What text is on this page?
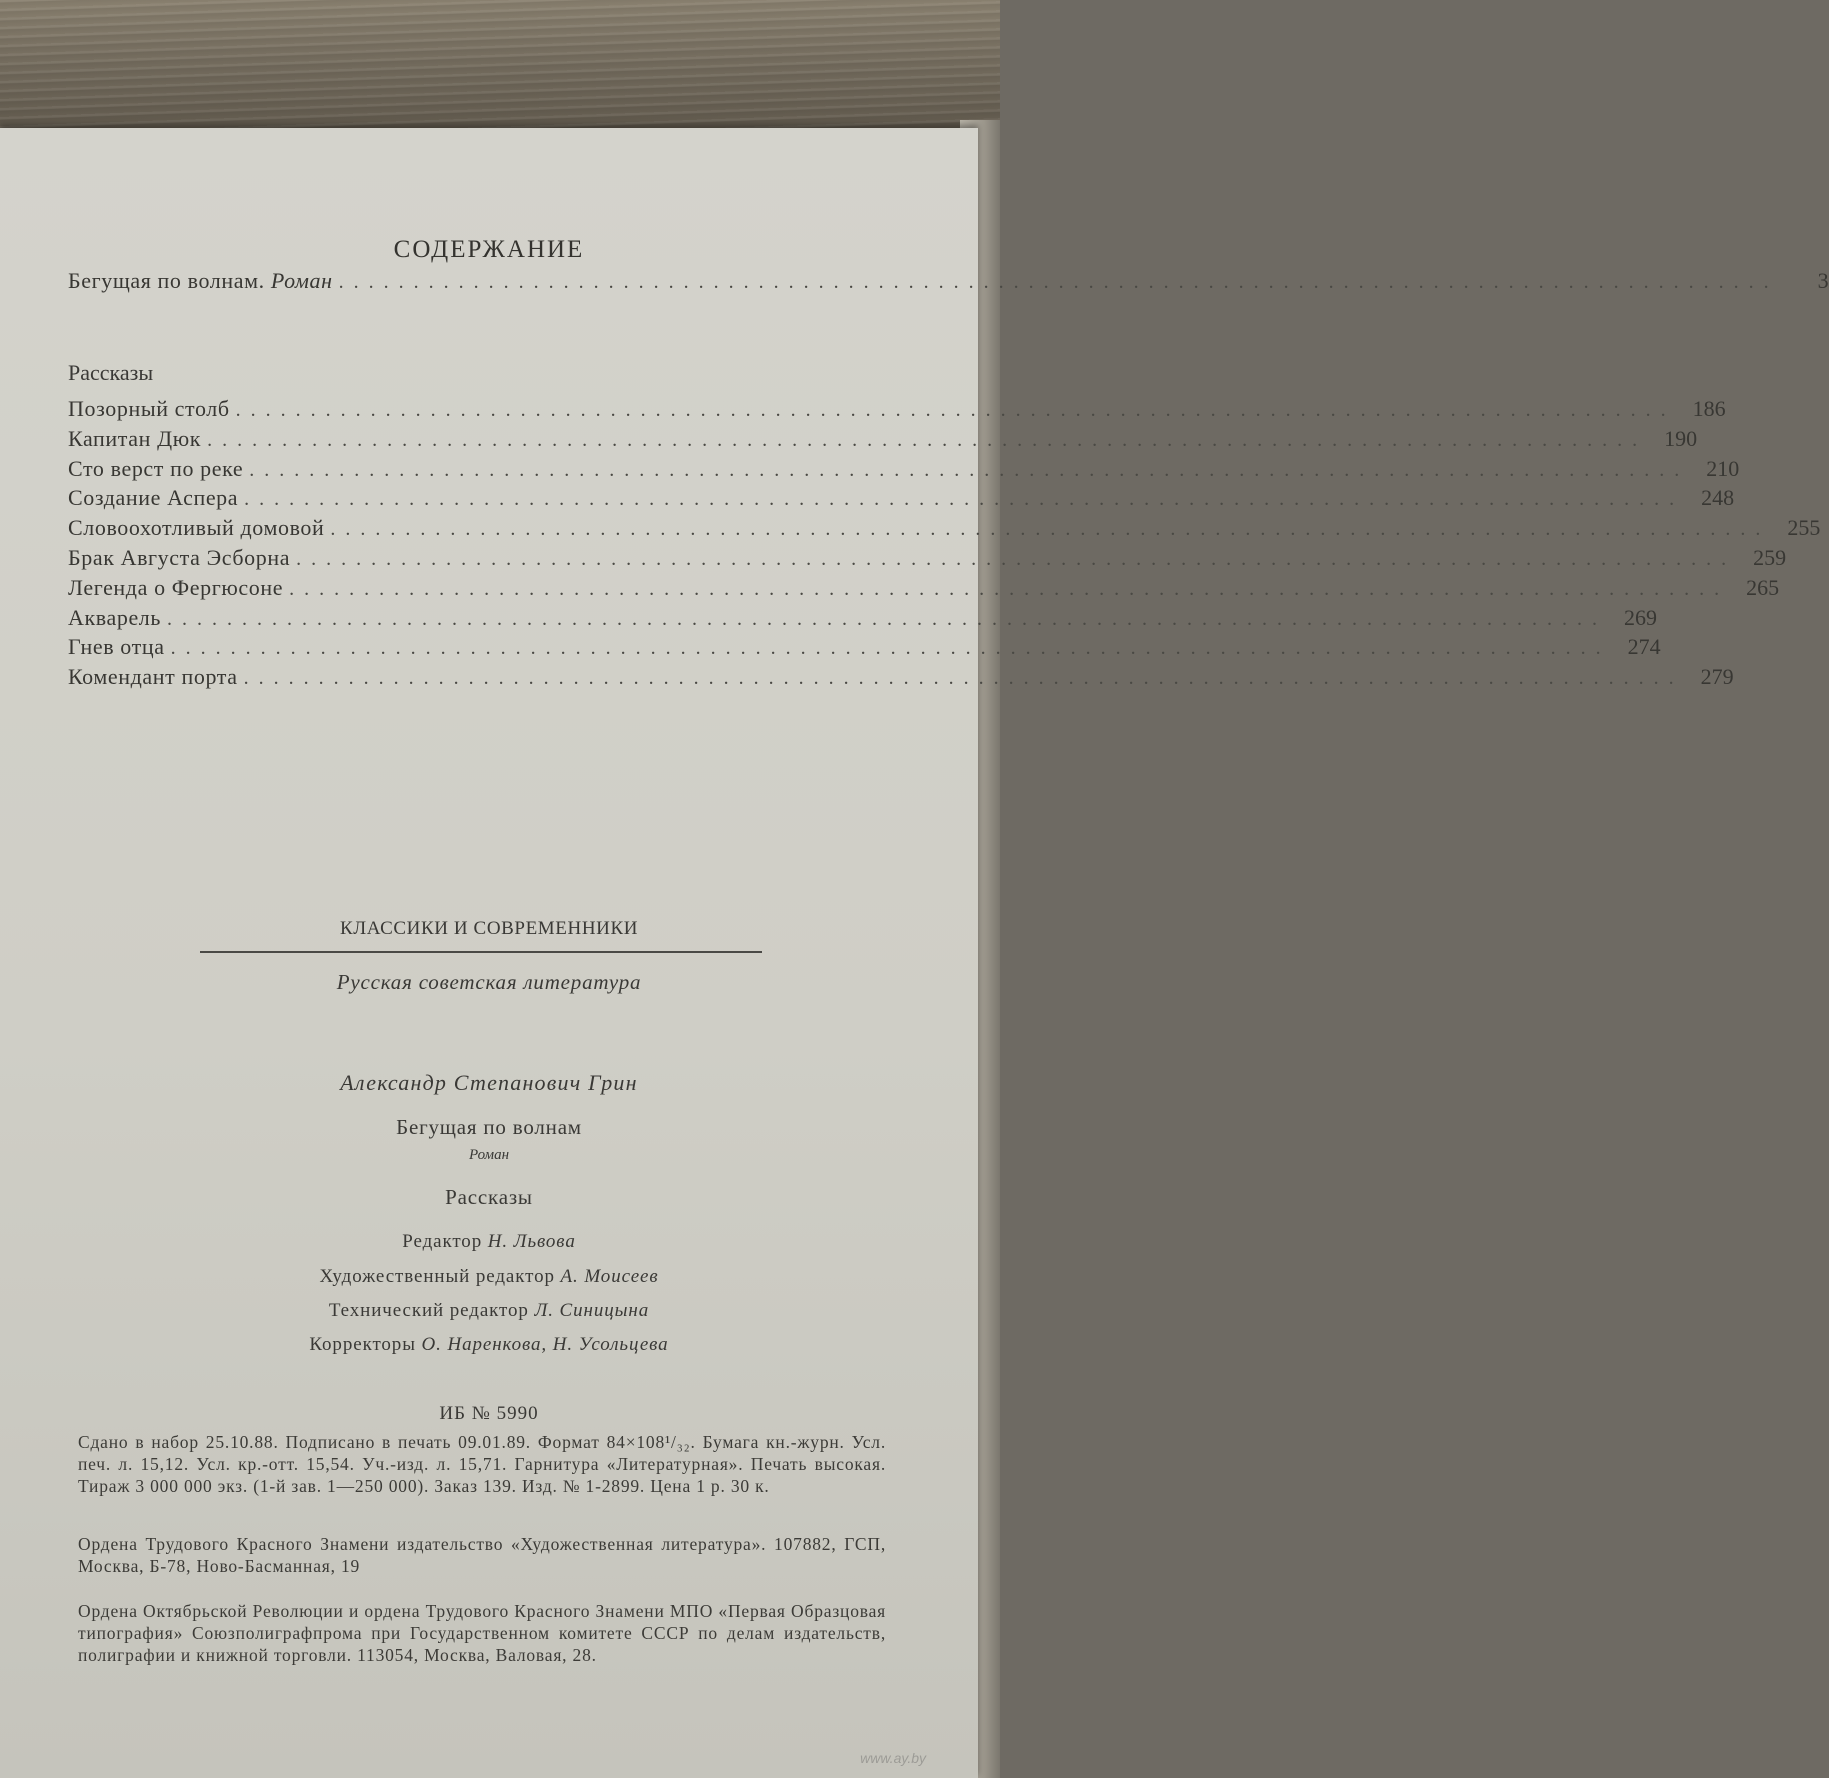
СОДЕРЖАНИЕ
Бегущая по волнам. Роман ................................................................................................	3
Рассказы
Позорный столб ................................................................................................ 186
Капитан Дюк ................................................................................................ 190
Сто верст по реке ................................................................................................ 210
Создание Аспера ................................................................................................ 248
Словоохотливый домовой ................................................................................................ 255
Брак Августа Эсборна ................................................................................................ 259
Легенда о Фергюсоне ................................................................................................ 265
Акварель ................................................................................................ 269
Гнев отца ................................................................................................ 274
Комендант порта ................................................................................................ 279
КЛАССИКИ И СОВРЕМЕННИКИ
Русская советская литература
Александр Степанович Грин
Бегущая по волнам
Роман
Рассказы
Редактор Н. Львова
Художественный редактор А. Моисеев
Технический редактор Л. Синицына
Корректоры О. Наренкова, Н. Усольцева
ИБ № 5990
Сдано в набор 25.10.88. Подписано в печать 09.01.89. Формат 84×108¹/₃₂. Бумага кн.-журн. Усл. печ. л. 15,12. Усл. кр.-отт. 15,54. Уч.-изд. л. 15,71. Гарнитура «Литературная». Печать высокая. Тираж 3 000 000 экз. (1-й зав. 1—250 000). Заказ 139. Изд. № 1-2899. Цена 1 р. 30 к.
Ордена Трудового Красного Знамени издательство «Художественная литература». 107882, ГСП, Москва, Б-78, Ново-Басманная, 19
Ордена Октябрьской Революции и ордена Трудового Красного Знамени МПО «Первая Образцовая типография» Союзполиграфпрома при Государственном комитете СССР по делам издательств, полиграфии и книжной торговли. 113054, Москва, Валовая, 28.
www.ay.by
